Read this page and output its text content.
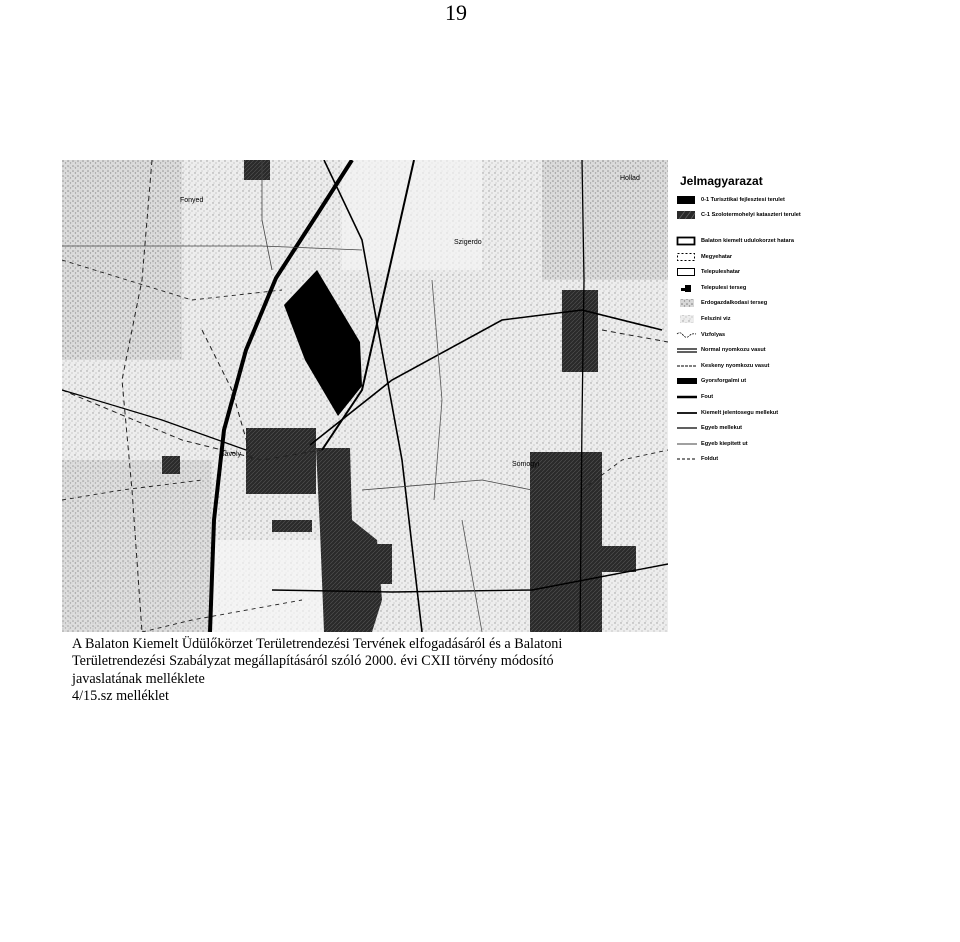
19
Fonyed
Szigerdo
Savoly
Somogyi
Hollad	Jelmagyarazat
0-1 Turisztikai fejlesztesi terulet
C-1 Szolotermohelyi kataszteri terulet
Balaton kiemelt udulokorzet hatara
Megyehatar
Telepuleshatar
Telepulesi terseg
Erdogazdalkodasi terseg
Felszini viz
Vizfolyas
Normal nyomkozu vasut
Keskeny nyomkozu vasut
Gyorsforgalmi ut
Fout
Kiemelt jelentosegu mellekut
Egyeb mellekut
Egyeb kiepitett ut
Foldut

A Balaton Kiemelt Üdülőkörzet Területrendezési Tervének elfogadásáról és a Balatoni

Területrendezési Szabályzat megállapításáról szóló 2000. évi CXII törvény módosító

javaslatának melléklete

4/15.sz melléklet
